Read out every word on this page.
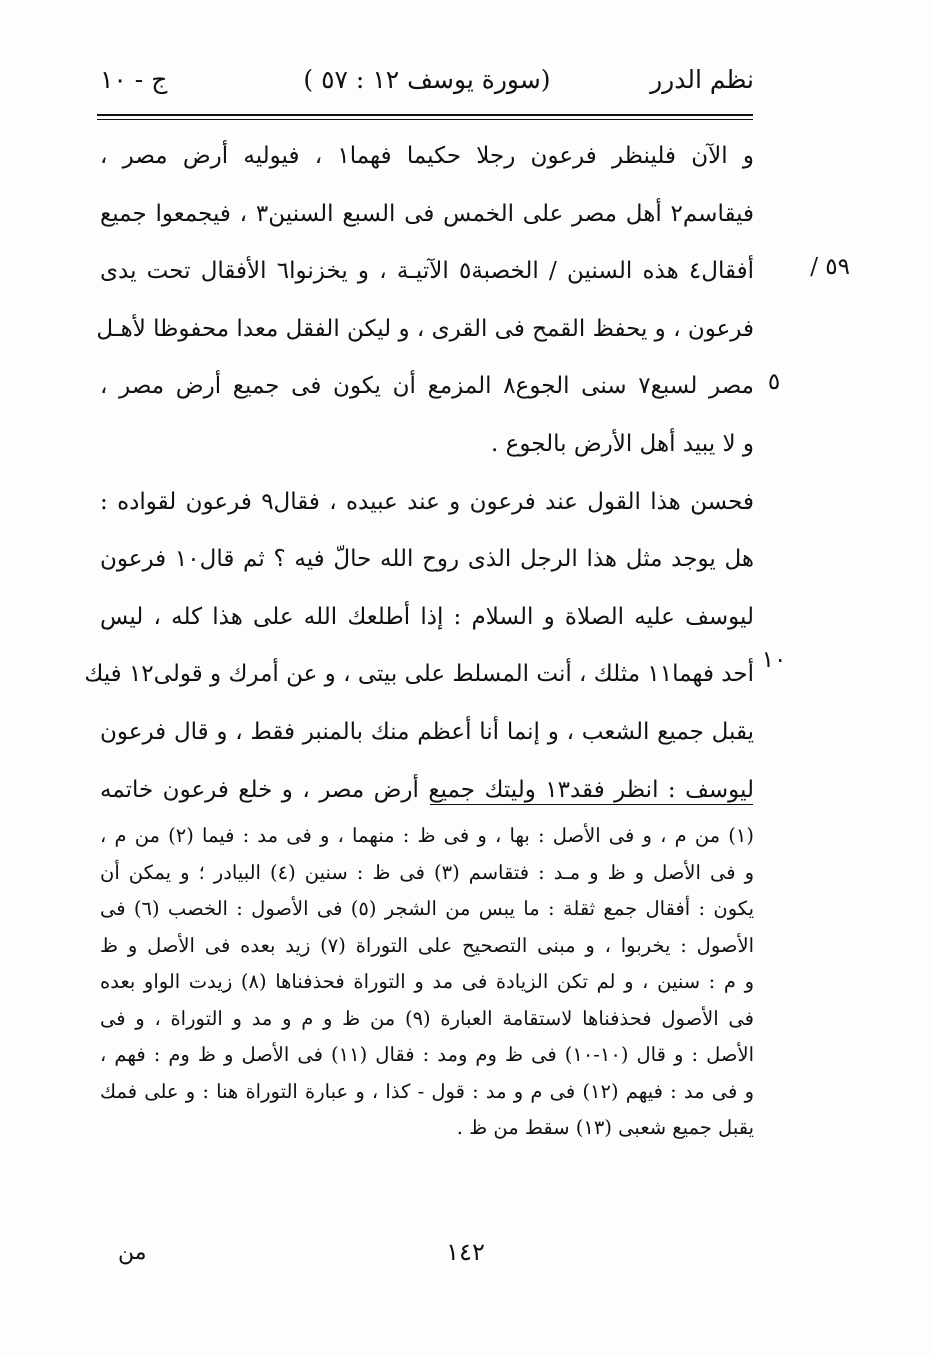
نظم الدرر
(سورة يوسف ١٢ : ٥٧ )
ج - ١٠
٥٩ /
٥
١٠
و الآن فلينظر فرعون رجلا حكيما فهما١ ، فيوليه أرض مصر ،
فيقاسم٢ أهل مصر على الخمس فى السبع السنين٣ ، فيجمعوا جميع
أفقال٤ هذه السنين / الخصبة٥ الآتيـة ، و يخزنوا٦ الأفقال تحت يدى
فرعون ، و يحفظ القمح فى القرى ، و ليكن الفقل معدا محفوظا لأهـل
مصر لسبع٧ سنى الجوع٨ المزمع أن يكون فى جميع أرض مصر ،
و لا يبيد أهل الأرض بالجوع .
فحسن هذا القول عند فرعون و عند عبيده ، فقال٩ فرعون لقواده :
هل يوجد مثل هذا الرجل الذى روح الله حالّ فيه ؟ ثم قال١٠ فرعون
ليوسف عليه الصلاة و السلام : إذا أطلعك الله على هذا كله ، ليس
أحد فهما١١ مثلك ، أنت المسلط على بيتى ، و عن أمرك و قولى١٢ فيك
يقبل جميع الشعب ، و إنما أنا أعظم منك بالمنبر فقط ، و قال فرعون
ليوسف : انظر فقد١٣ وليتك جميع أرض مصر ، و خلع فرعون خاتمه
(١) من م ، و فى الأصل : بها ، و فى ظ : منهما ، و فى مد : فيما (٢) من م ،
و فى الأصل و ظ و مـد : فتقاسم (٣) فى ظ : سنين (٤) البيادر ؛ و يمكن أن
يكون : أفقال جمع ثقلة : ما يبس من الشجر (٥) فى الأصول : الخصب (٦) فى
الأصول : يخربوا ، و مبنى التصحيح على التوراة (٧) زيد بعده فى الأصل و ظ
و م : سنين ، و لم تكن الزيادة فى مد و التوراة فحذفناها (٨) زيدت الواو بعده
فى الأصول فحذفناها لاستقامة العبارة (٩) من ظ و م و مد و التوراة ، و فى
الأصل : و قال (١٠-١٠) فى ظ وم ومد : فقال (١١) فى الأصل و ظ وم : فهم ،
و فى مد : فيهم (١٢) فى م و مد : قول - كذا ، و عبارة التوراة هنا : و على فمك
يقبل جميع شعبى (١٣) سقط من ظ .
١٤٢
من
